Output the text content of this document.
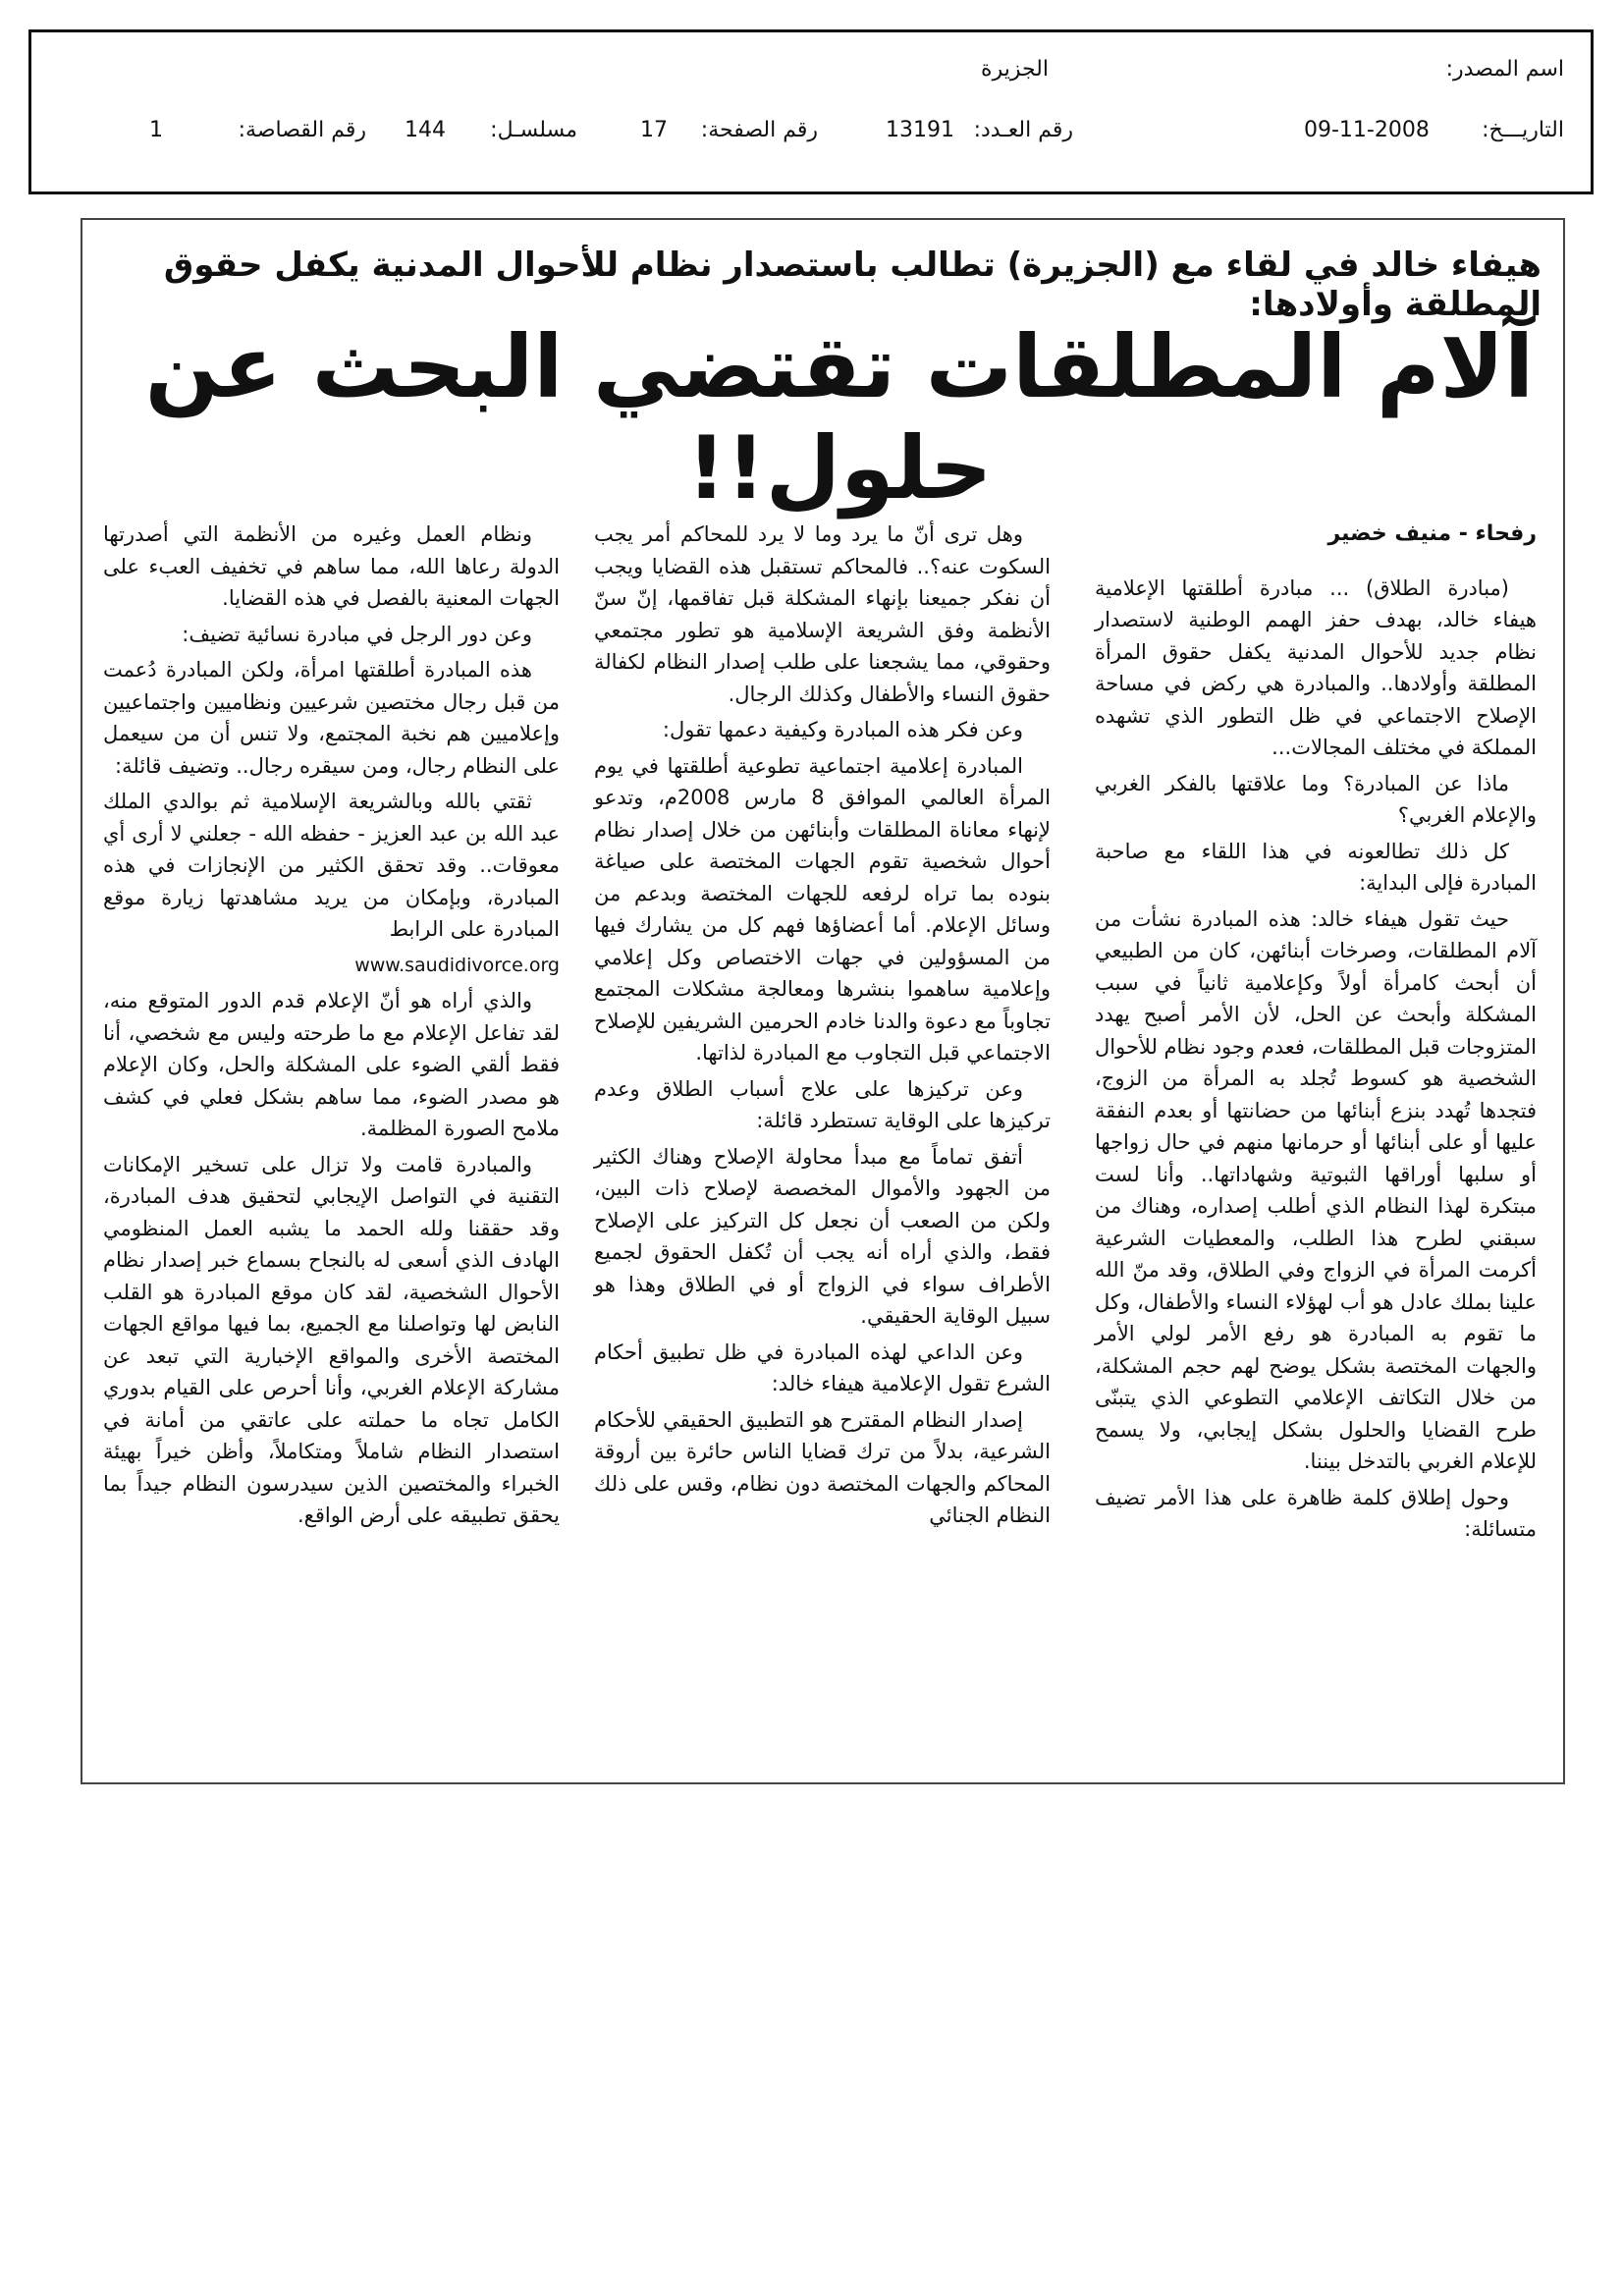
اسم المصدر:
الجزيرة
التاريـــخ:
09-11-2008
رقم العـدد:
13191
رقم الصفحة:
17
مسلسـل:
144
رقم القصاصة:
1
هيفاء خالد في لقاء مع (الجزيرة) تطالب باستصدار نظام للأحوال المدنية يكفل حقوق المطلقة وأولادها:
آلام المطلقات تقتضي البحث عن حلول!!
رفحاء - منيف خضير

(مبادرة الطلاق) ... مبادرة أطلقتها الإعلامية هيفاء خالد، بهدف حفز الهمم الوطنية لاستصدار نظام جديد للأحوال المدنية يكفل حقوق المرأة المطلقة وأولادها.. والمبادرة هي ركض في مساحة الإصلاح الاجتماعي في ظل التطور الذي تشهده المملكة في مختلف المجالات...

ماذا عن المبادرة؟ وما علاقتها بالفكر الغربي والإعلام الغربي؟

كل ذلك تطالعونه في هذا اللقاء مع صاحبة المبادرة فإلى البداية:

حيث تقول هيفاء خالد: هذه المبادرة نشأت من آلام المطلقات، وصرخات أبنائهن، كان من الطبيعي أن أبحث كامرأة أولاً وكإعلامية ثانياً في سبب المشكلة وأبحث عن الحل، لأن الأمر أصبح يهدد المتزوجات قبل المطلقات، فعدم وجود نظام للأحوال الشخصية هو كسوط تُجلد به المرأة من الزوج، فتجدها تُهدد بنزع أبنائها من حضانتها أو بعدم النفقة عليها أو على أبنائها أو حرمانها منهم في حال زواجها أو سلبها أوراقها الثبوتية وشهاداتها.. وأنا لست مبتكرة لهذا النظام الذي أطلب إصداره، وهناك من سبقني لطرح هذا الطلب، والمعطيات الشرعية أكرمت المرأة في الزواج وفي الطلاق، وقد منّ الله علينا بملك عادل هو أب لهؤلاء النساء والأطفال، وكل ما تقوم به المبادرة هو رفع الأمر لولي الأمر والجهات المختصة بشكل يوضح لهم حجم المشكلة، من خلال التكاتف الإعلامي التطوعي الذي يتبنّى طرح القضايا والحلول بشكل إيجابي، ولا يسمح للإعلام الغربي بالتدخل بيننا.

وحول إطلاق كلمة ظاهرة على هذا الأمر تضيف متسائلة:

وهل ترى أنّ ما يرد وما لا يرد للمحاكم أمر يجب السكوت عنه؟.. فالمحاكم تستقبل هذه القضايا ويجب أن نفكر جميعنا بإنهاء المشكلة قبل تفاقمها، إنّ سنّ الأنظمة وفق الشريعة الإسلامية هو تطور مجتمعي وحقوقي، مما يشجعنا على طلب إصدار النظام لكفالة حقوق النساء والأطفال وكذلك الرجال.

وعن فكر هذه المبادرة وكيفية دعمها تقول:

المبادرة إعلامية اجتماعية تطوعية أطلقتها في يوم المرأة العالمي الموافق 8 مارس 2008م، وتدعو لإنهاء معاناة المطلقات وأبنائهن من خلال إصدار نظام أحوال شخصية تقوم الجهات المختصة على صياغة بنوده بما تراه لرفعه للجهات المختصة وبدعم من وسائل الإعلام. أما أعضاؤها فهم كل من يشارك فيها من المسؤولين في جهات الاختصاص وكل إعلامي وإعلامية ساهموا بنشرها ومعالجة مشكلات المجتمع تجاوباً مع دعوة والدنا خادم الحرمين الشريفين للإصلاح الاجتماعي قبل التجاوب مع المبادرة لذاتها.

وعن تركيزها على علاج أسباب الطلاق وعدم تركيزها على الوقاية تستطرد قائلة:

أتفق تماماً مع مبدأ محاولة الإصلاح وهناك الكثير من الجهود والأموال المخصصة لإصلاح ذات البين، ولكن من الصعب أن نجعل كل التركيز على الإصلاح فقط، والذي أراه أنه يجب أن تُكفل الحقوق لجميع الأطراف سواء في الزواج أو في الطلاق وهذا هو سبيل الوقاية الحقيقي.

وعن الداعي لهذه المبادرة في ظل تطبيق أحكام الشرع تقول الإعلامية هيفاء خالد:

إصدار النظام المقترح هو التطبيق الحقيقي للأحكام الشرعية، بدلاً من ترك قضايا الناس حائرة بين أروقة المحاكم والجهات المختصة دون نظام، وقس على ذلك النظام الجنائي

ونظام العمل وغيره من الأنظمة التي أصدرتها الدولة رعاها الله، مما ساهم في تخفيف العبء على الجهات المعنية بالفصل في هذه القضايا.

وعن دور الرجل في مبادرة نسائية تضيف:

هذه المبادرة أطلقتها امرأة، ولكن المبادرة دُعمت من قبل رجال مختصين شرعيين ونظاميين واجتماعيين وإعلاميين هم نخبة المجتمع، ولا تنس أن من سيعمل على النظام رجال، ومن سيقره رجال.. وتضيف قائلة:

ثقتي بالله وبالشريعة الإسلامية ثم بوالدي الملك عبد الله بن عبد العزيز - حفظه الله - جعلني لا أرى أي معوقات.. وقد تحقق الكثير من الإنجازات في هذه المبادرة، وبإمكان من يريد مشاهدتها زيارة موقع المبادرة على الرابط

www.saudidivorce.org

والذي أراه هو أنّ الإعلام قدم الدور المتوقع منه، لقد تفاعل الإعلام مع ما طرحته وليس مع شخصي، أنا فقط ألقي الضوء على المشكلة والحل، وكان الإعلام هو مصدر الضوء، مما ساهم بشكل فعلي في كشف ملامح الصورة المظلمة.

والمبادرة قامت ولا تزال على تسخير الإمكانات التقنية في التواصل الإيجابي لتحقيق هدف المبادرة، وقد حققنا ولله الحمد ما يشبه العمل المنظومي الهادف الذي أسعى له بالنجاح بسماع خبر إصدار نظام الأحوال الشخصية، لقد كان موقع المبادرة هو القلب النابض لها وتواصلنا مع الجميع، بما فيها مواقع الجهات المختصة الأخرى والمواقع الإخبارية التي تبعد عن مشاركة الإعلام الغربي، وأنا أحرص على القيام بدوري الكامل تجاه ما حملته على عاتقي من أمانة في استصدار النظام شاملاً ومتكاملاً، وأظن خيراً بهيئة الخبراء والمختصين الذين سيدرسون النظام جيداً بما يحقق تطبيقه على أرض الواقع.
